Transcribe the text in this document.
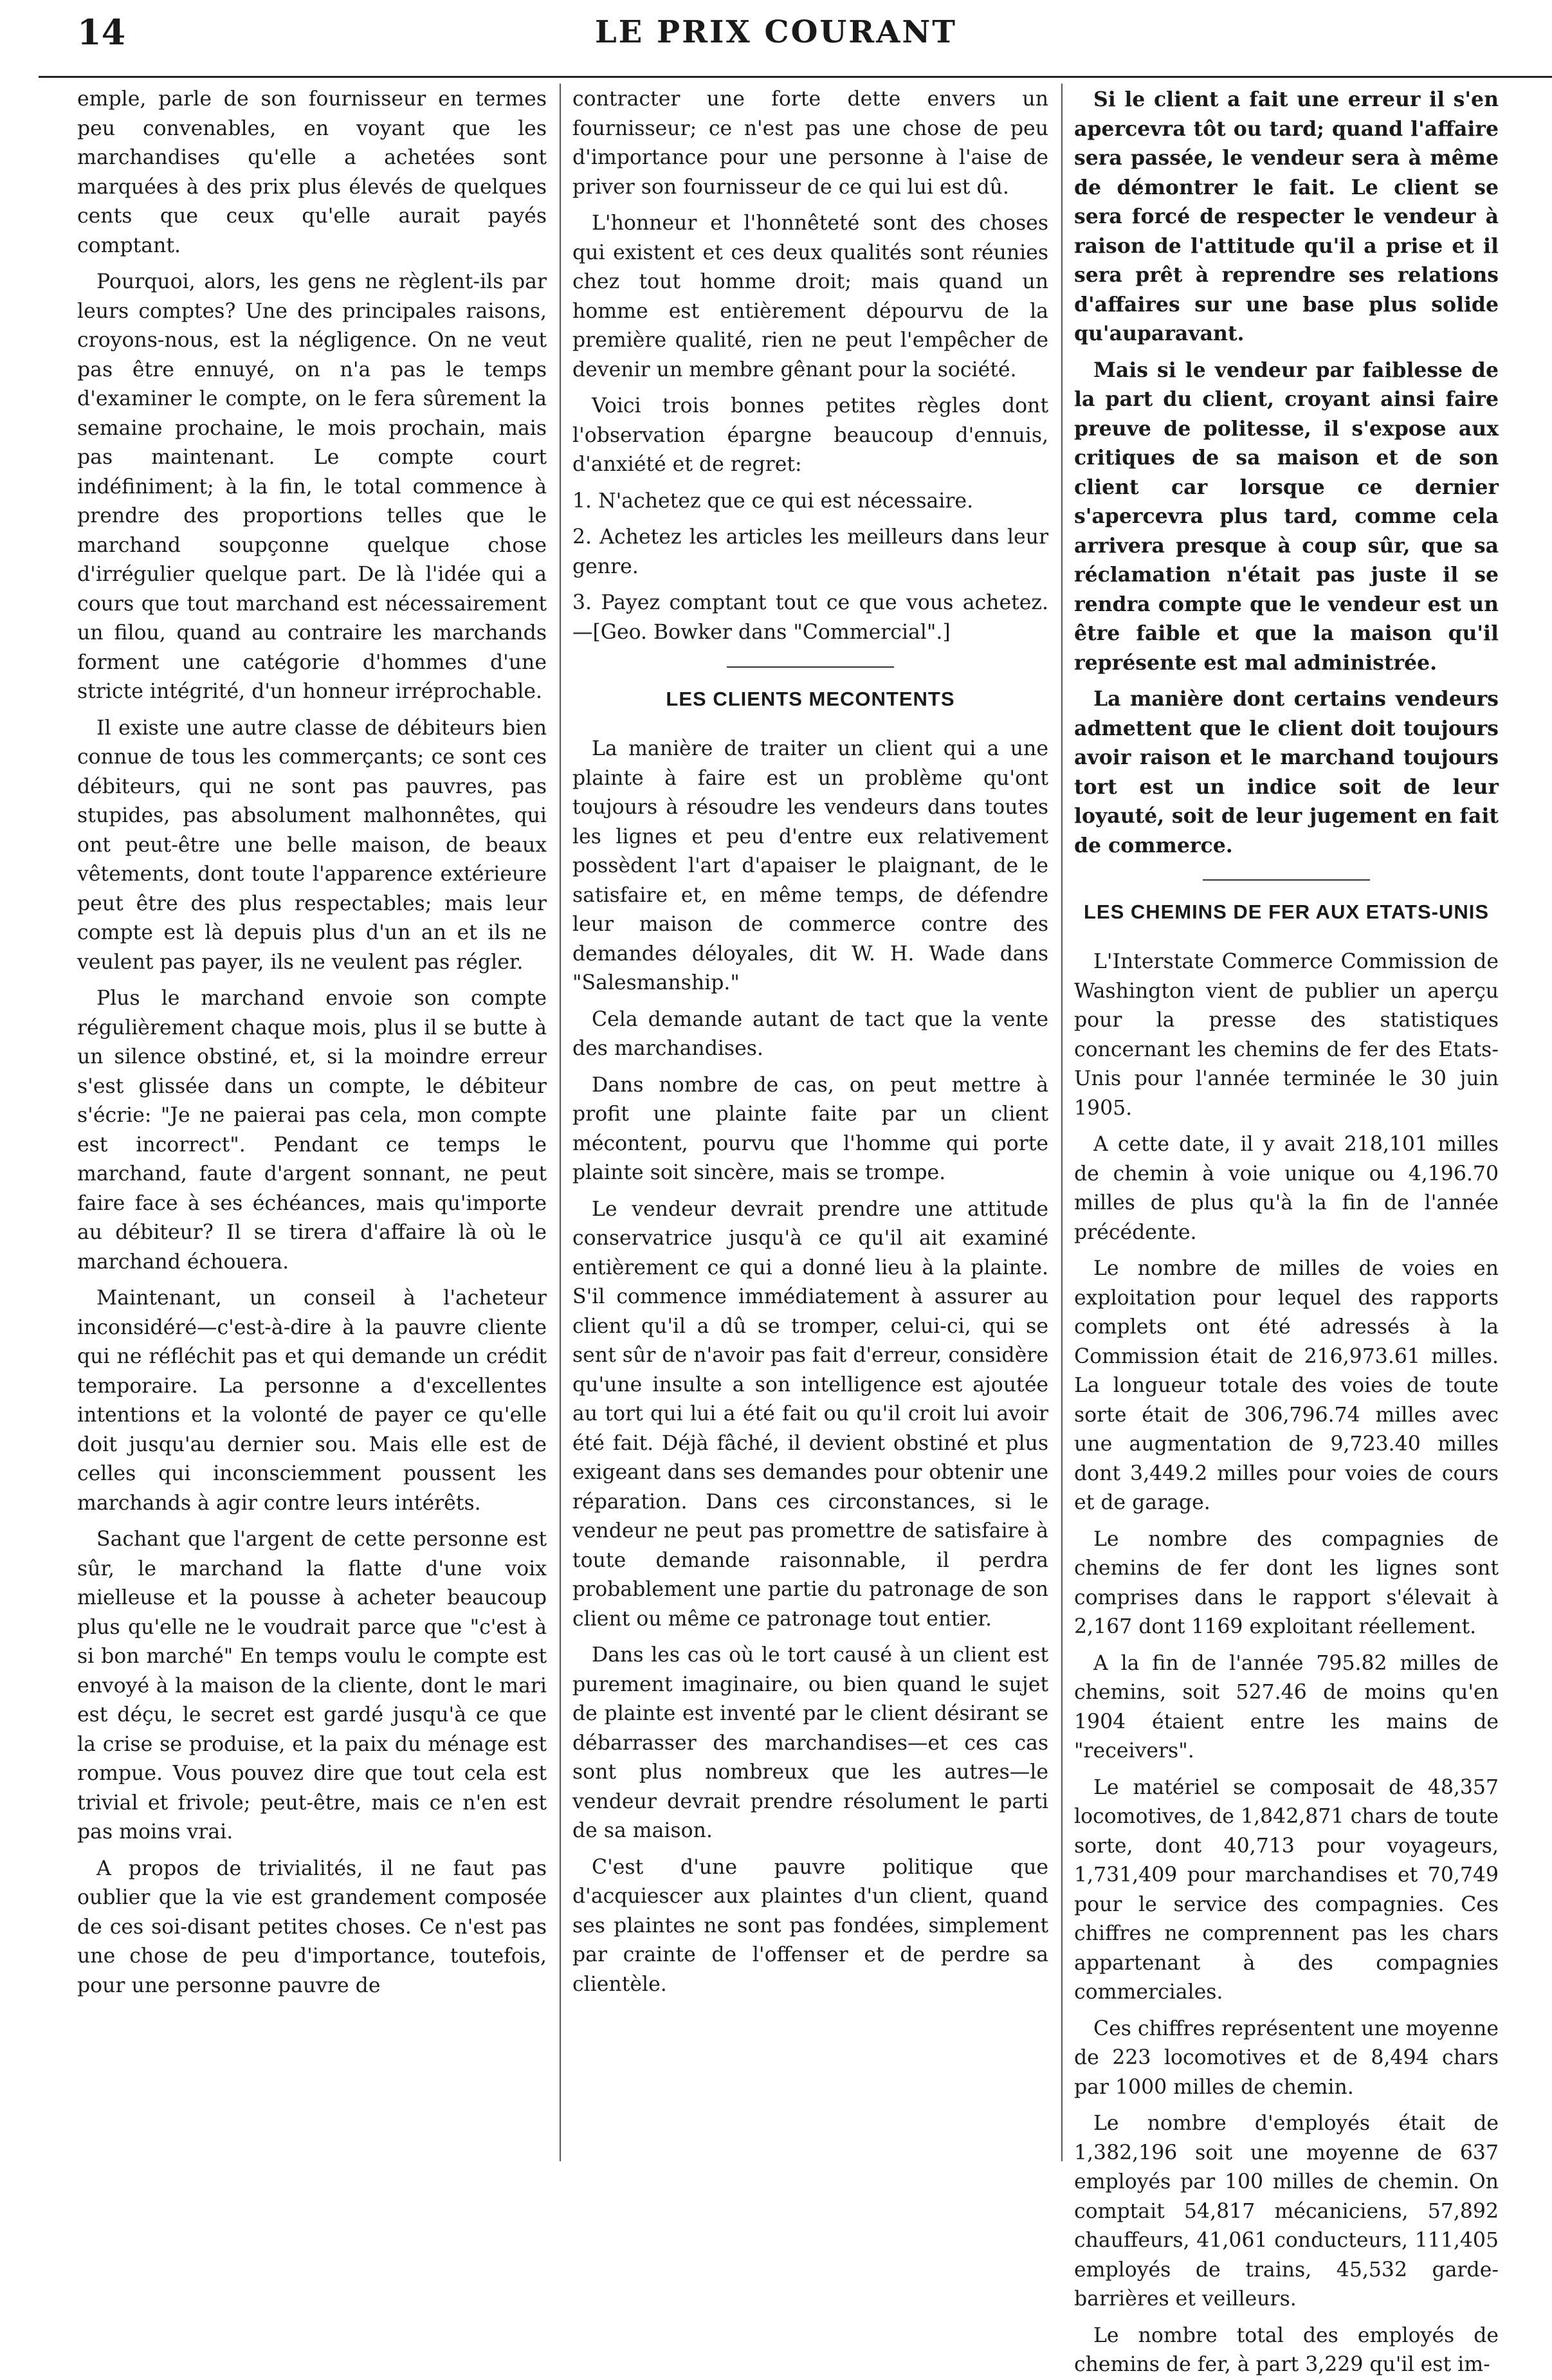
14	LE PRIX COURANT

emple, parle de son fournisseur en termes peu convenables, en voyant que les marchandises qu'elle a achetées sont marquées à des prix plus élevés de quelques cents que ceux qu'elle aurait payés comptant.

Pourquoi, alors, les gens ne règlent-ils par leurs comptes? Une des principales raisons, croyons-nous, est la négligence. On ne veut pas être ennuyé, on n'a pas le temps d'examiner le compte, on le fera sûrement la semaine prochaine, le mois prochain, mais pas maintenant. Le compte court indéfiniment; à la fin, le total commence à prendre des proportions telles que le marchand soupçonne quelque chose d'irrégulier quelque part. De là l'idée qui a cours que tout marchand est nécessairement un filou, quand au contraire les marchands forment une catégorie d'hommes d'une stricte intégrité, d'un honneur irréprochable.

Il existe une autre classe de débiteurs bien connue de tous les commerçants; ce sont ces débiteurs, qui ne sont pas pauvres, pas stupides, pas absolument malhonnêtes, qui ont peut-être une belle maison, de beaux vêtements, dont toute l'apparence extérieure peut être des plus respectables; mais leur compte est là depuis plus d'un an et ils ne veulent pas payer, ils ne veulent pas régler.

Plus le marchand envoie son compte régulièrement chaque mois, plus il se butte à un silence obstiné, et, si la moindre erreur s'est glissée dans un compte, le débiteur s'écrie: "Je ne paierai pas cela, mon compte est incorrect". Pendant ce temps le marchand, faute d'argent sonnant, ne peut faire face à ses échéances, mais qu'importe au débiteur? Il se tirera d'affaire là où le marchand échouera.

Maintenant, un conseil à l'acheteur inconsidéré—c'est-à-dire à la pauvre cliente qui ne réfléchit pas et qui demande un crédit temporaire. La personne a d'excellentes intentions et la volonté de payer ce qu'elle doit jusqu'au dernier sou. Mais elle est de celles qui inconsciemment poussent les marchands à agir contre leurs intérêts.

Sachant que l'argent de cette personne est sûr, le marchand la flatte d'une voix mielleuse et la pousse à acheter beaucoup plus qu'elle ne le voudrait parce que "c'est à si bon marché" En temps voulu le compte est envoyé à la maison de la cliente, dont le mari est déçu, le secret est gardé jusqu'à ce que la crise se produise, et la paix du ménage est rompue. Vous pouvez dire que tout cela est trivial et frivole; peut-être, mais ce n'en est pas moins vrai.

A propos de trivialités, il ne faut pas oublier que la vie est grandement composée de ces soi-disant petites choses. Ce n'est pas une chose de peu d'importance, toutefois, pour une personne pauvre de

contracter une forte dette envers un fournisseur; ce n'est pas une chose de peu d'importance pour une personne à l'aise de priver son fournisseur de ce qui lui est dû.

L'honneur et l'honnêteté sont des choses qui existent et ces deux qualités sont réunies chez tout homme droit; mais quand un homme est entièrement dépourvu de la première qualité, rien ne peut l'empêcher de devenir un membre gênant pour la société.

Voici trois bonnes petites règles dont l'observation épargne beaucoup d'ennuis, d'anxiété et de regret:

1. N'achetez que ce qui est nécessaire.

2. Achetez les articles les meilleurs dans leur genre.

3. Payez comptant tout ce que vous achetez.—[Geo. Bowker dans "Commercial".]

LES CLIENTS MECONTENTS

La manière de traiter un client qui a une plainte à faire est un problème qu'ont toujours à résoudre les vendeurs dans toutes les lignes et peu d'entre eux relativement possèdent l'art d'apaiser le plaignant, de le satisfaire et, en même temps, de défendre leur maison de commerce contre des demandes déloyales, dit W. H. Wade dans "Salesmanship."

Cela demande autant de tact que la vente des marchandises.

Dans nombre de cas, on peut mettre à profit une plainte faite par un client mécontent, pourvu que l'homme qui porte plainte soit sincère, mais se trompe.

Le vendeur devrait prendre une attitude conservatrice jusqu'à ce qu'il ait examiné entièrement ce qui a donné lieu à la plainte. S'il commence immédiatement à assurer au client qu'il a dû se tromper, celui-ci, qui se sent sûr de n'avoir pas fait d'erreur, considère qu'une insulte a son intelligence est ajoutée au tort qui lui a été fait ou qu'il croit lui avoir été fait. Déjà fâché, il devient obstiné et plus exigeant dans ses demandes pour obtenir une réparation. Dans ces circonstances, si le vendeur ne peut pas promettre de satisfaire à toute demande raisonnable, il perdra probablement une partie du patronage de son client ou même ce patronage tout entier.

Dans les cas où le tort causé à un client est purement imaginaire, ou bien quand le sujet de plainte est inventé par le client désirant se débarrasser des marchandises—et ces cas sont plus nombreux que les autres—le vendeur devrait prendre résolument le parti de sa maison.

C'est d'une pauvre politique que d'acquiescer aux plaintes d'un client, quand ses plaintes ne sont pas fondées, simplement par crainte de l'offenser et de perdre sa clientèle.

Si le client a fait une erreur il s'en apercevra tôt ou tard; quand l'affaire sera passée, le vendeur sera à même de démontrer le fait. Le client se sera forcé de respecter le vendeur à raison de l'attitude qu'il a prise et il sera prêt à reprendre ses relations d'affaires sur une base plus solide qu'auparavant.

Mais si le vendeur par faiblesse de la part du client, croyant ainsi faire preuve de politesse, il s'expose aux critiques de sa maison et de son client car lorsque ce dernier s'apercevra plus tard, comme cela arrivera presque à coup sûr, que sa réclamation n'était pas juste il se rendra compte que le vendeur est un être faible et que la maison qu'il représente est mal administrée.

La manière dont certains vendeurs admettent que le client doit toujours avoir raison et le marchand toujours tort est un indice soit de leur loyauté, soit de leur jugement en fait de commerce.

LES CHEMINS DE FER AUX ETATS-UNIS

L'Interstate Commerce Commission de Washington vient de publier un aperçu pour la presse des statistiques concernant les chemins de fer des Etats-Unis pour l'année terminée le 30 juin 1905.

A cette date, il y avait 218,101 milles de chemin à voie unique ou 4,196.70 milles de plus qu'à la fin de l'année précédente.

Le nombre de milles de voies en exploitation pour lequel des rapports complets ont été adressés à la Commission était de 216,973.61 milles. La longueur totale des voies de toute sorte était de 306,796.74 milles avec une augmentation de 9,723.40 milles dont 3,449.2 milles pour voies de cours et de garage.

Le nombre des compagnies de chemins de fer dont les lignes sont comprises dans le rapport s'élevait à 2,167 dont 1169 exploitant réellement.

A la fin de l'année 795.82 milles de chemins, soit 527.46 de moins qu'en 1904 étaient entre les mains de "receivers".

Le matériel se composait de 48,357 locomotives, de 1,842,871 chars de toute sorte, dont 40,713 pour voyageurs, 1,731,409 pour marchandises et 70,749 pour le service des compagnies. Ces chiffres ne comprennent pas les chars appartenant à des compagnies commerciales.

Ces chiffres représentent une moyenne de 223 locomotives et de 8,494 chars par 1000 milles de chemin.

Le nombre d'employés était de 1,382,196 soit une moyenne de 637 employés par 100 milles de chemin. On comptait 54,817 mécaniciens, 57,892 chauffeurs, 41,061 conducteurs, 111,405 employés de trains, 45,532 garde-barrières et veilleurs.

Le nombre total des employés de chemins de fer, à part 3,229 qu'il est im-
